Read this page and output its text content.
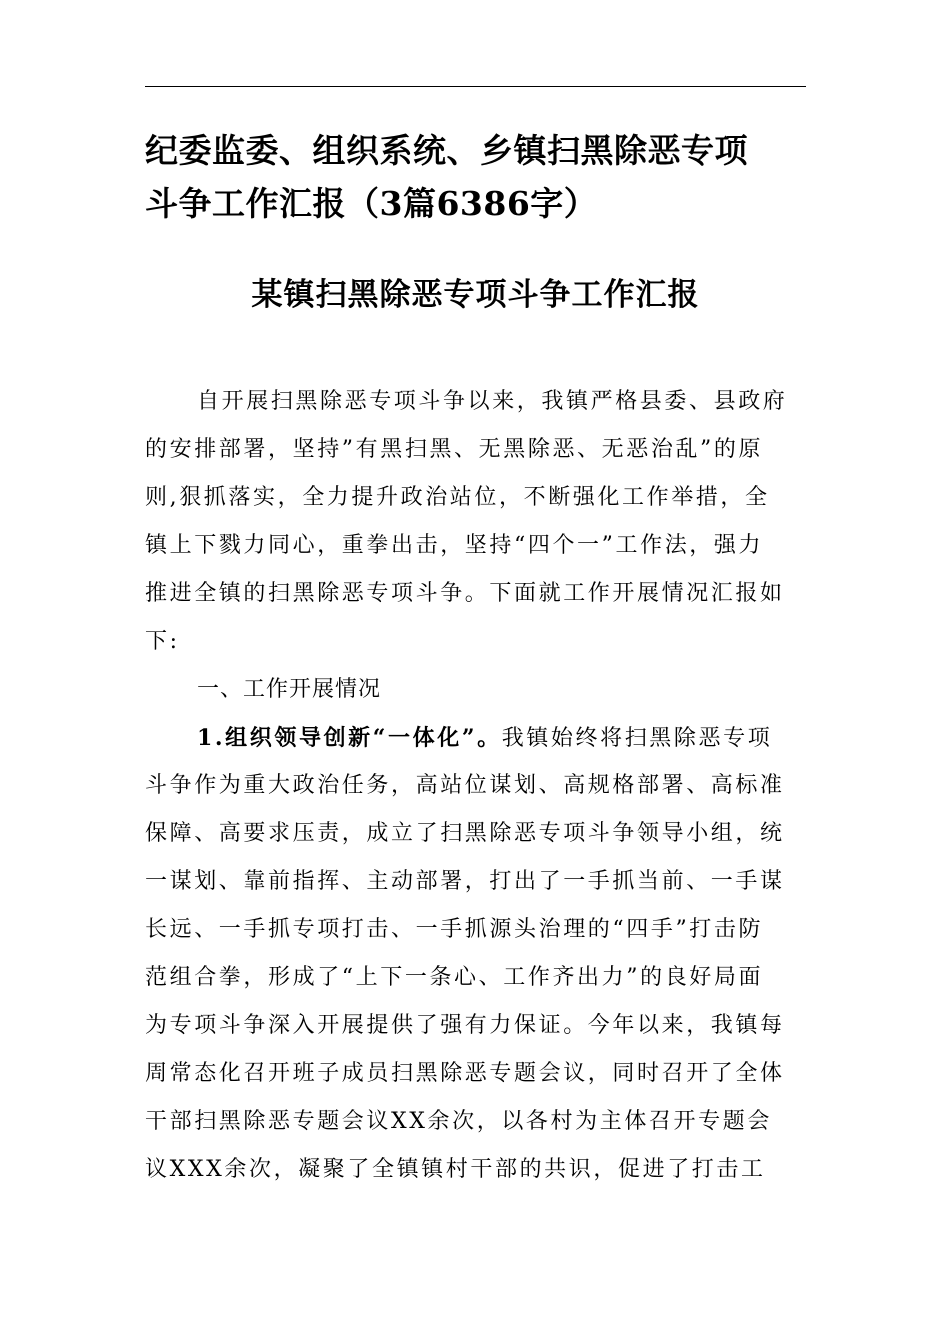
纪委监委、组织系统、乡镇扫黑除恶专项
斗争工作汇报（3篇6386字）
某镇扫黑除恶专项斗争工作汇报
自开展扫黑除恶专项斗争以来，我镇严格县委、县政府
的安排部署，坚持”有黑扫黑、无黑除恶、无恶治乱”的原
则,狠抓落实，全力提升政治站位，不断强化工作举措，全
镇上下戮力同心，重拳出击，坚持“四个一”工作法，强力
推进全镇的扫黑除恶专项斗争。下面就工作开展情况汇报如
下:
一、工作开展情况
1.组织领导创新“一体化”。我镇始终将扫黑除恶专项
斗争作为重大政治任务，高站位谋划、高规格部署、高标准
保障、高要求压责，成立了扫黑除恶专项斗争领导小组，统
一谋划、靠前指挥、主动部署，打出了一手抓当前、一手谋
长远、一手抓专项打击、一手抓源头治理的“四手”打击防
范组合拳，形成了“上下一条心、工作齐出力”的良好局面
为专项斗争深入开展提供了强有力保证。今年以来，我镇每
周常态化召开班子成员扫黑除恶专题会议，同时召开了全体
干部扫黑除恶专题会议XX余次，以各村为主体召开专题会
议XXX余次，凝聚了全镇镇村干部的共识，促进了打击工
